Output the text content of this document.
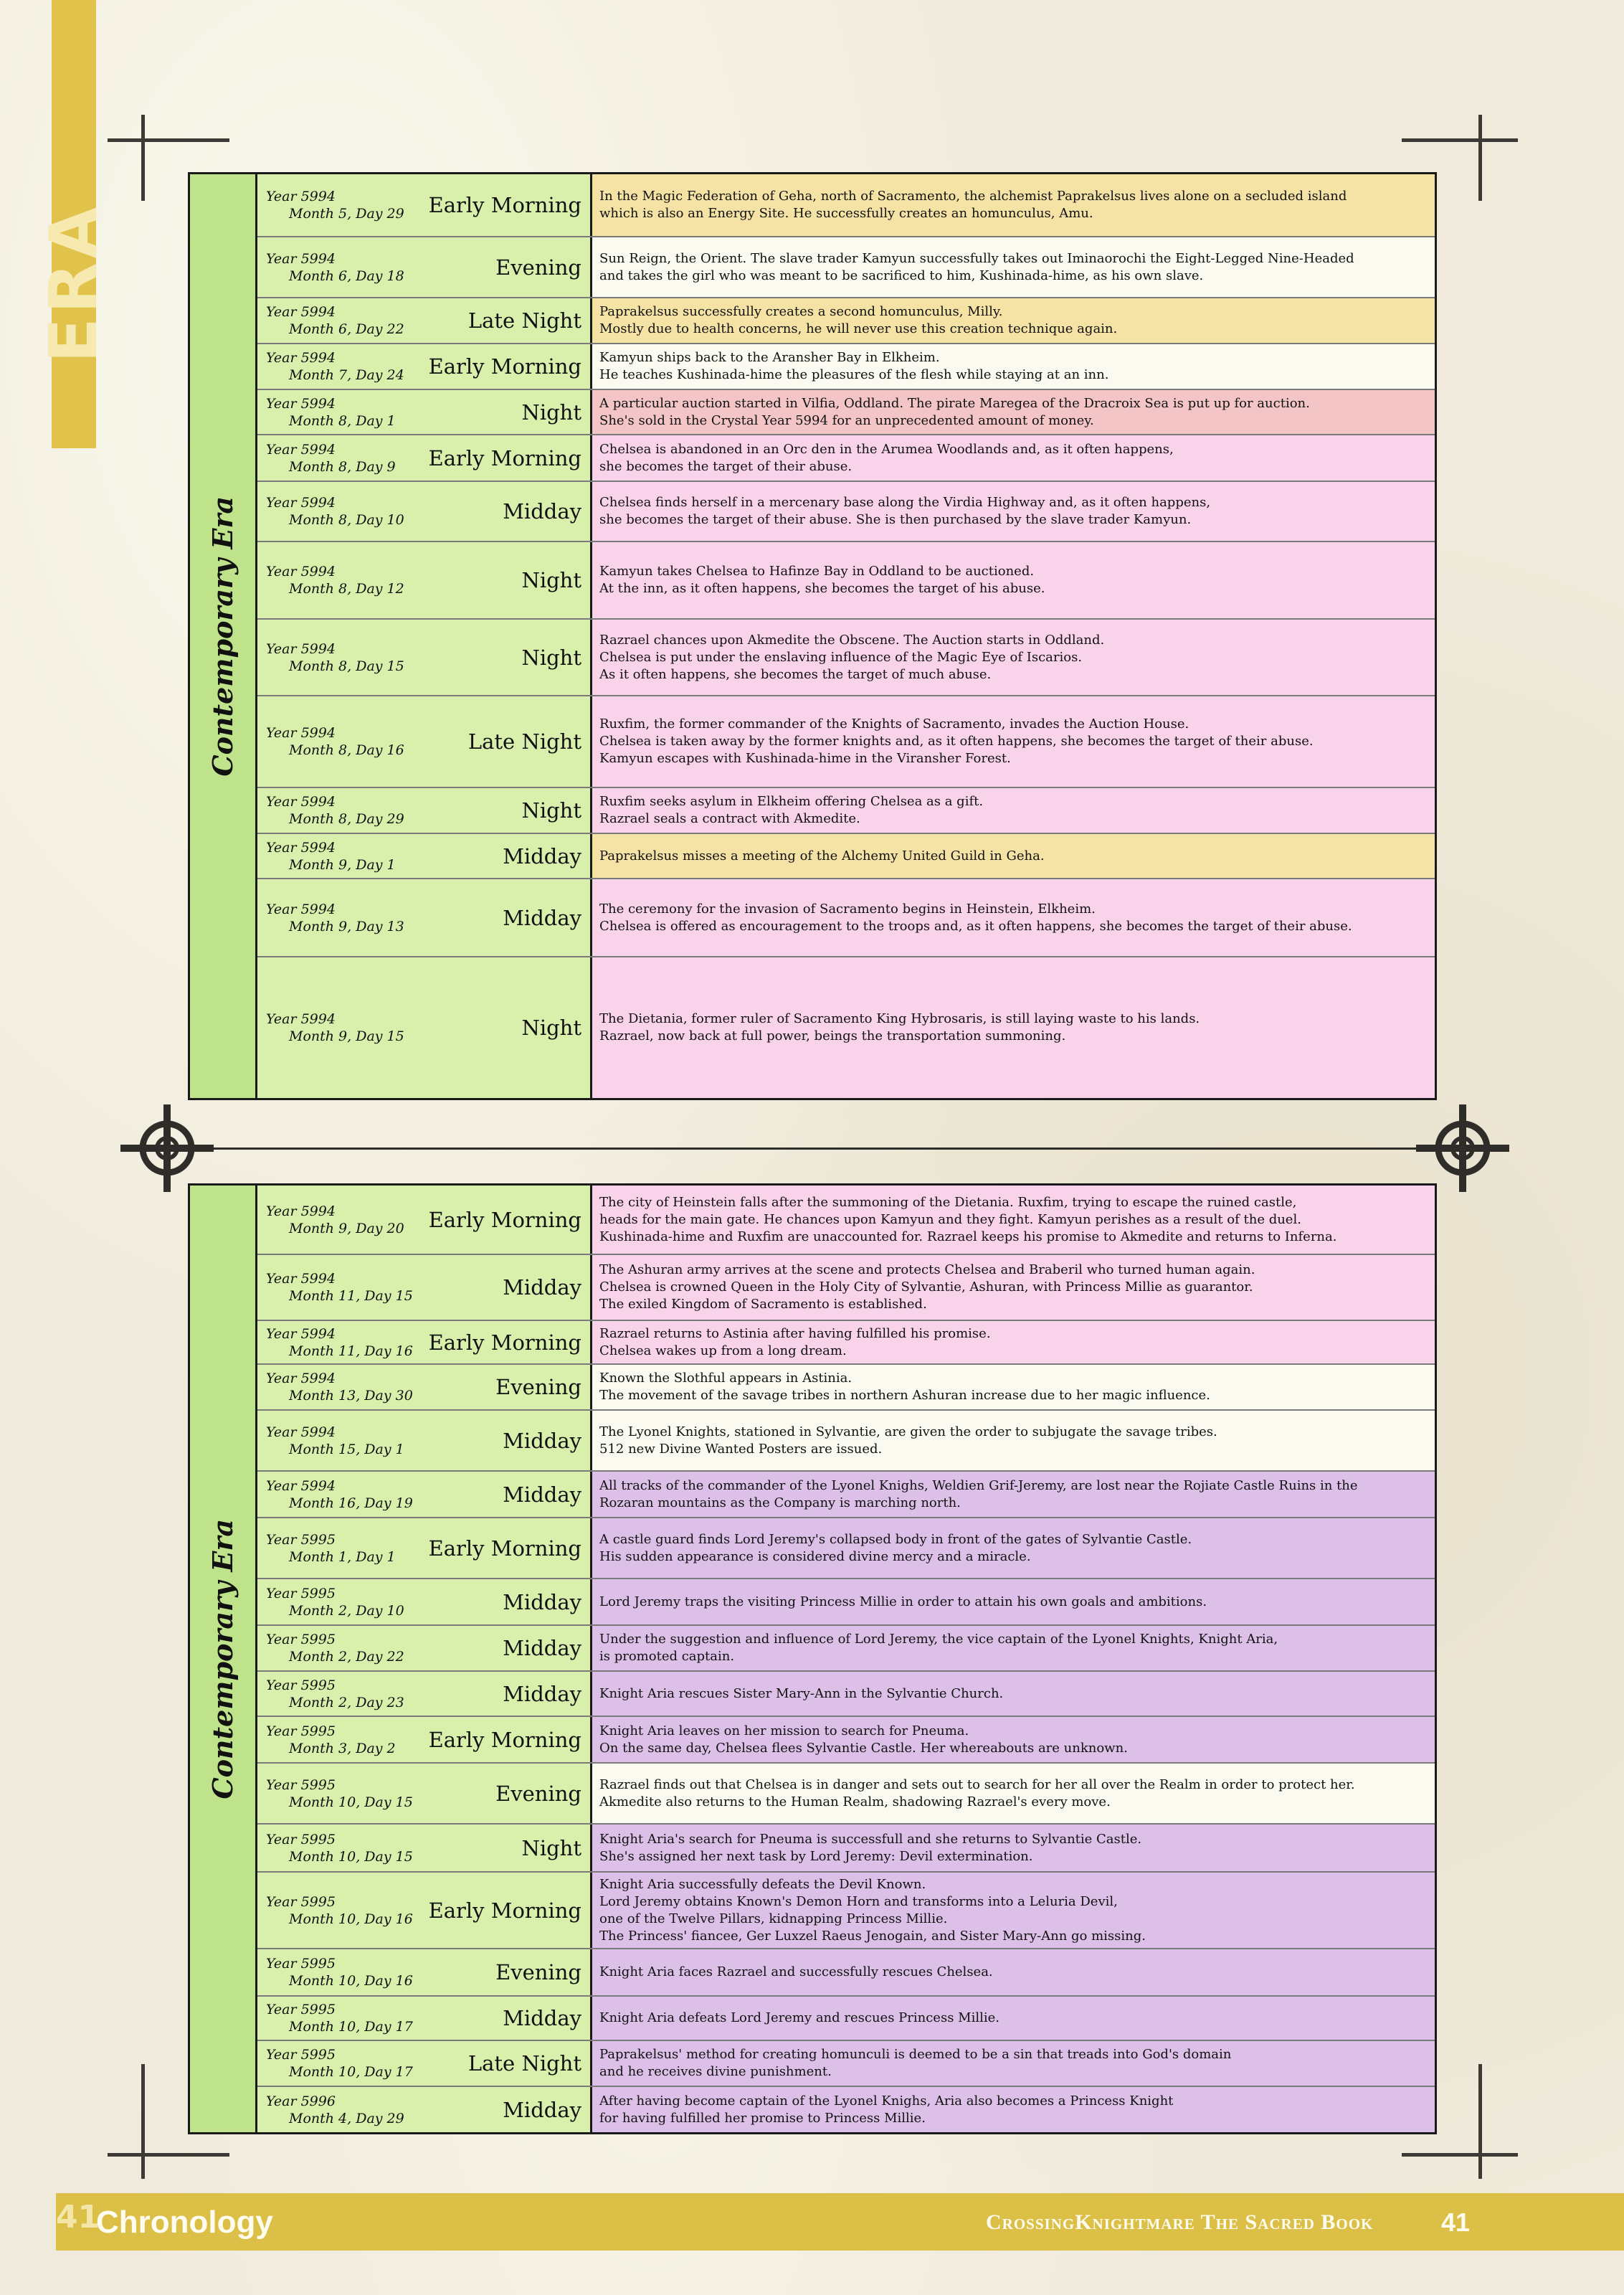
ERA
Contemporary Era
Year 5994
Month 5, Day 29 Early Morning	In the Magic Federation of Geha, north of Sacramento, the alchemist Paprakelsus lives alone on a secluded island
which is also an Energy Site. He successfully creates an homunculus, Amu.
Year 5994
Month 6, Day 18	Evening	Sun Reign, the Orient. The slave trader Kamyun successfully takes out Iminaorochi the Eight-Legged Nine-Headed
and takes the girl who was meant to be sacrificed to him, Kushinada-hime, as his own slave.
Year 5994
Month 6, Day 22	Late Night	Paprakelsus successfully creates a second homunculus, Milly.
Mostly due to health concerns, he will never use this creation technique again.
Year 5994
Month 7, Day 24 Early Morning	Kamyun ships back to the Aransher Bay in Elkheim.
He teaches Kushinada-hime the pleasures of the flesh while staying at an inn.
Year 5994
Month 8, Day 1	Night	A particular auction started in Vilfia, Oddland. The pirate Maregea of the Dracroix Sea is put up for auction.
She's sold in the Crystal Year 5994 for an unprecedented amount of money.
Year 5994
Month 8, Day 9 Early Morning	Chelsea is abandoned in an Orc den in the Arumea Woodlands and, as it often happens,
she becomes the target of their abuse.
Year 5994
Month 8, Day 10	Midday	Chelsea finds herself in a mercenary base along the Virdia Highway and, as it often happens,
she becomes the target of their abuse. She is then purchased by the slave trader Kamyun.
Year 5994
Month 8, Day 12	Night	Kamyun takes Chelsea to Hafinze Bay in Oddland to be auctioned.
At the inn, as it often happens, she becomes the target of his abuse.
Year 5994
Month 8, Day 15	Night
Razrael chances upon Akmedite the Obscene. The Auction starts in Oddland.
Chelsea is put under the enslaving influence of the Magic Eye of Iscarios.
As it often happens, she becomes the target of much abuse.
Year 5994
Month 8, Day 16	Late Night
Ruxfim, the former commander of the Knights of Sacramento, invades the Auction House.
Chelsea is taken away by the former knights and, as it often happens, she becomes the target of their abuse.
Kamyun escapes with Kushinada-hime in the Viransher Forest.
Year 5994
Month 8, Day 29	Night	Ruxfim seeks asylum in Elkheim offering Chelsea as a gift.
Razrael seals a contract with Akmedite.
Year 5994
Month 9, Day 1	Midday	Paprakelsus misses a meeting of the Alchemy United Guild in Geha.
Year 5994
Month 9, Day 13	Midday	The ceremony for the invasion of Sacramento begins in Heinstein, Elkheim.
Chelsea is offered as encouragement to the troops and, as it often happens, she becomes the target of their abuse.
Year 5994
Month 9, Day 15	Night	The Dietania, former ruler of Sacramento King Hybrosaris, is still laying waste to his lands.
Razrael, now back at full power, beings the transportation summoning.
Contemporary Era
Year 5994
Month 9, Day 20 Early Morning
The city of Heinstein falls after the summoning of the Dietania. Ruxfim, trying to escape the ruined castle,
heads for the main gate. He chances upon Kamyun and they fight. Kamyun perishes as a result of the duel.
Kushinada-hime and Ruxfim are unaccounted for. Razrael keeps his promise to Akmedite and returns to Inferna.
Year 5994
Month 11, Day 15	Midday
The Ashuran army arrives at the scene and protects Chelsea and Braberil who turned human again.
Chelsea is crowned Queen in the Holy City of Sylvantie, Ashuran, with Princess Millie as guarantor.
The exiled Kingdom of Sacramento is established.
Year 5994
Month 11, Day 16 Early Morning	Razrael returns to Astinia after having fulfilled his promise.
Chelsea wakes up from a long dream.
Year 5994
Month 13, Day 30	Evening	Known the Slothful appears in Astinia.
The movement of the savage tribes in northern Ashuran increase due to her magic influence.
Year 5994
Month 15, Day 1	Midday	The Lyonel Knights, stationed in Sylvantie, are given the order to subjugate the savage tribes.
512 new Divine Wanted Posters are issued.
Year 5994
Month 16, Day 19	Midday	All tracks of the commander of the Lyonel Knighs, Weldien Grif-Jeremy, are lost near the Rojiate Castle Ruins in the
Rozaran mountains as the Company is marching north.
Year 5995
Month 1, Day 1 Early Morning	A castle guard finds Lord Jeremy's collapsed body in front of the gates of Sylvantie Castle.
His sudden appearance is considered divine mercy and a miracle.
Year 5995
Month 2, Day 10	Midday	Lord Jeremy traps the visiting Princess Millie in order to attain his own goals and ambitions.
Year 5995
Month 2, Day 22	Midday	Under the suggestion and influence of Lord Jeremy, the vice captain of the Lyonel Knights, Knight Aria,
is promoted captain.
Year 5995
Month 2, Day 23	Midday	Knight Aria rescues Sister Mary-Ann in the Sylvantie Church.
Year 5995
Month 3, Day 2 Early Morning	Knight Aria leaves on her mission to search for Pneuma.
On the same day, Chelsea flees Sylvantie Castle. Her whereabouts are unknown.
Year 5995
Month 10, Day 15	Evening	Razrael finds out that Chelsea is in danger and sets out to search for her all over the Realm in order to protect her.
Akmedite also returns to the Human Realm, shadowing Razrael's every move.
Year 5995
Month 10, Day 15	Night	Knight Aria's search for Pneuma is successfull and she returns to Sylvantie Castle.
She's assigned her next task by Lord Jeremy: Devil extermination.
Year 5995
Month 10, Day 16 Early Morning
Knight Aria successfully defeats the Devil Known.
Lord Jeremy obtains Known's Demon Horn and transforms into a Leluria Devil,
one of the Twelve Pillars, kidnapping Princess Millie.
The Princess' fiancee, Ger Luxzel Raeus Jenogain, and Sister Mary-Ann go missing.
Year 5995
Month 10, Day 16	Evening	Knight Aria faces Razrael and successfully rescues Chelsea.
Year 5995
Month 10, Day 17	Midday	Knight Aria defeats Lord Jeremy and rescues Princess Millie.
Year 5995
Month 10, Day 17	Late Night	Paprakelsus' method for creating homunculi is deemed to be a sin that treads into God's domain
and he receives divine punishment.
Year 5996
Month 4, Day 29	Midday	After having become captain of the Lyonel Knighs, Aria also becomes a Princess Knight
for having fulfilled her promise to Princess Millie.
41
Chronology	CrossingKnightmare The Sacred Book	41
